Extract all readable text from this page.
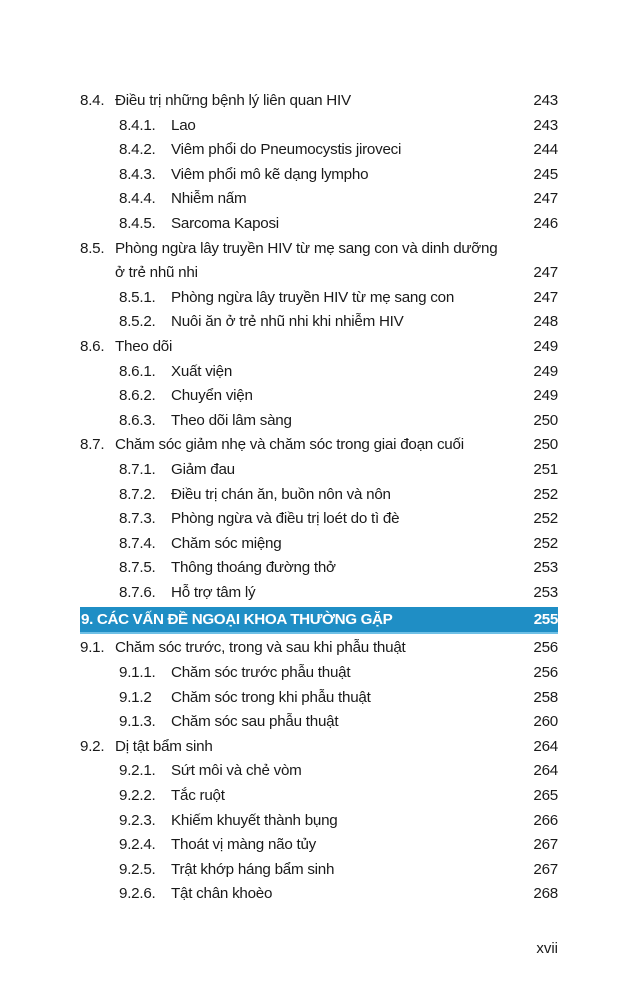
8.4. Điều trị những bệnh lý liên quan HIV	243
8.4.1. Lao	243
8.4.2. Viêm phổi do Pneumocystis jiroveci	244
8.4.3. Viêm phổi mô kẽ dạng lympho	245
8.4.4. Nhiễm nấm	247
8.4.5. Sarcoma Kaposi	246
8.5. Phòng ngừa lây truyền HIV từ mẹ sang con và dinh dưỡng
ở trẻ nhũ nhi	247
8.5.1. Phòng ngừa lây truyền HIV từ mẹ sang con	247
8.5.2. Nuôi ăn ở trẻ nhũ nhi khi nhiễm HIV	248
8.6. Theo dõi	249
8.6.1. Xuất viện	249
8.6.2. Chuyển viện	249
8.6.3. Theo dõi lâm sàng	250
8.7. Chăm sóc giảm nhẹ và chăm sóc trong giai đoạn cuối	250
8.7.1. Giảm đau	251
8.7.2. Điều trị chán ăn, buồn nôn và nôn	252
8.7.3. Phòng ngừa và điều trị loét do tì đè	252
8.7.4. Chăm sóc miệng	252
8.7.5. Thông thoáng đường thở	253
8.7.6. Hỗ trợ tâm lý	253
9. CÁC VẤN ĐỀ NGOẠI KHOA THƯỜNG GẶP	255
9.1. Chăm sóc trước, trong và sau khi phẫu thuật	256
9.1.1. Chăm sóc trước phẫu thuật	256
9.1.2 Chăm sóc trong khi phẫu thuật	258
9.1.3. Chăm sóc sau phẫu thuật	260
9.2. Dị tật bẩm sinh	264
9.2.1. Sứt môi và chẻ vòm	264
9.2.2. Tắc ruột	265
9.2.3. Khiếm khuyết thành bụng	266
9.2.4. Thoát vị màng não tủy	267
9.2.5. Trật khớp háng bẩm sinh	267
9.2.6. Tật chân khoèo	268
xvii
